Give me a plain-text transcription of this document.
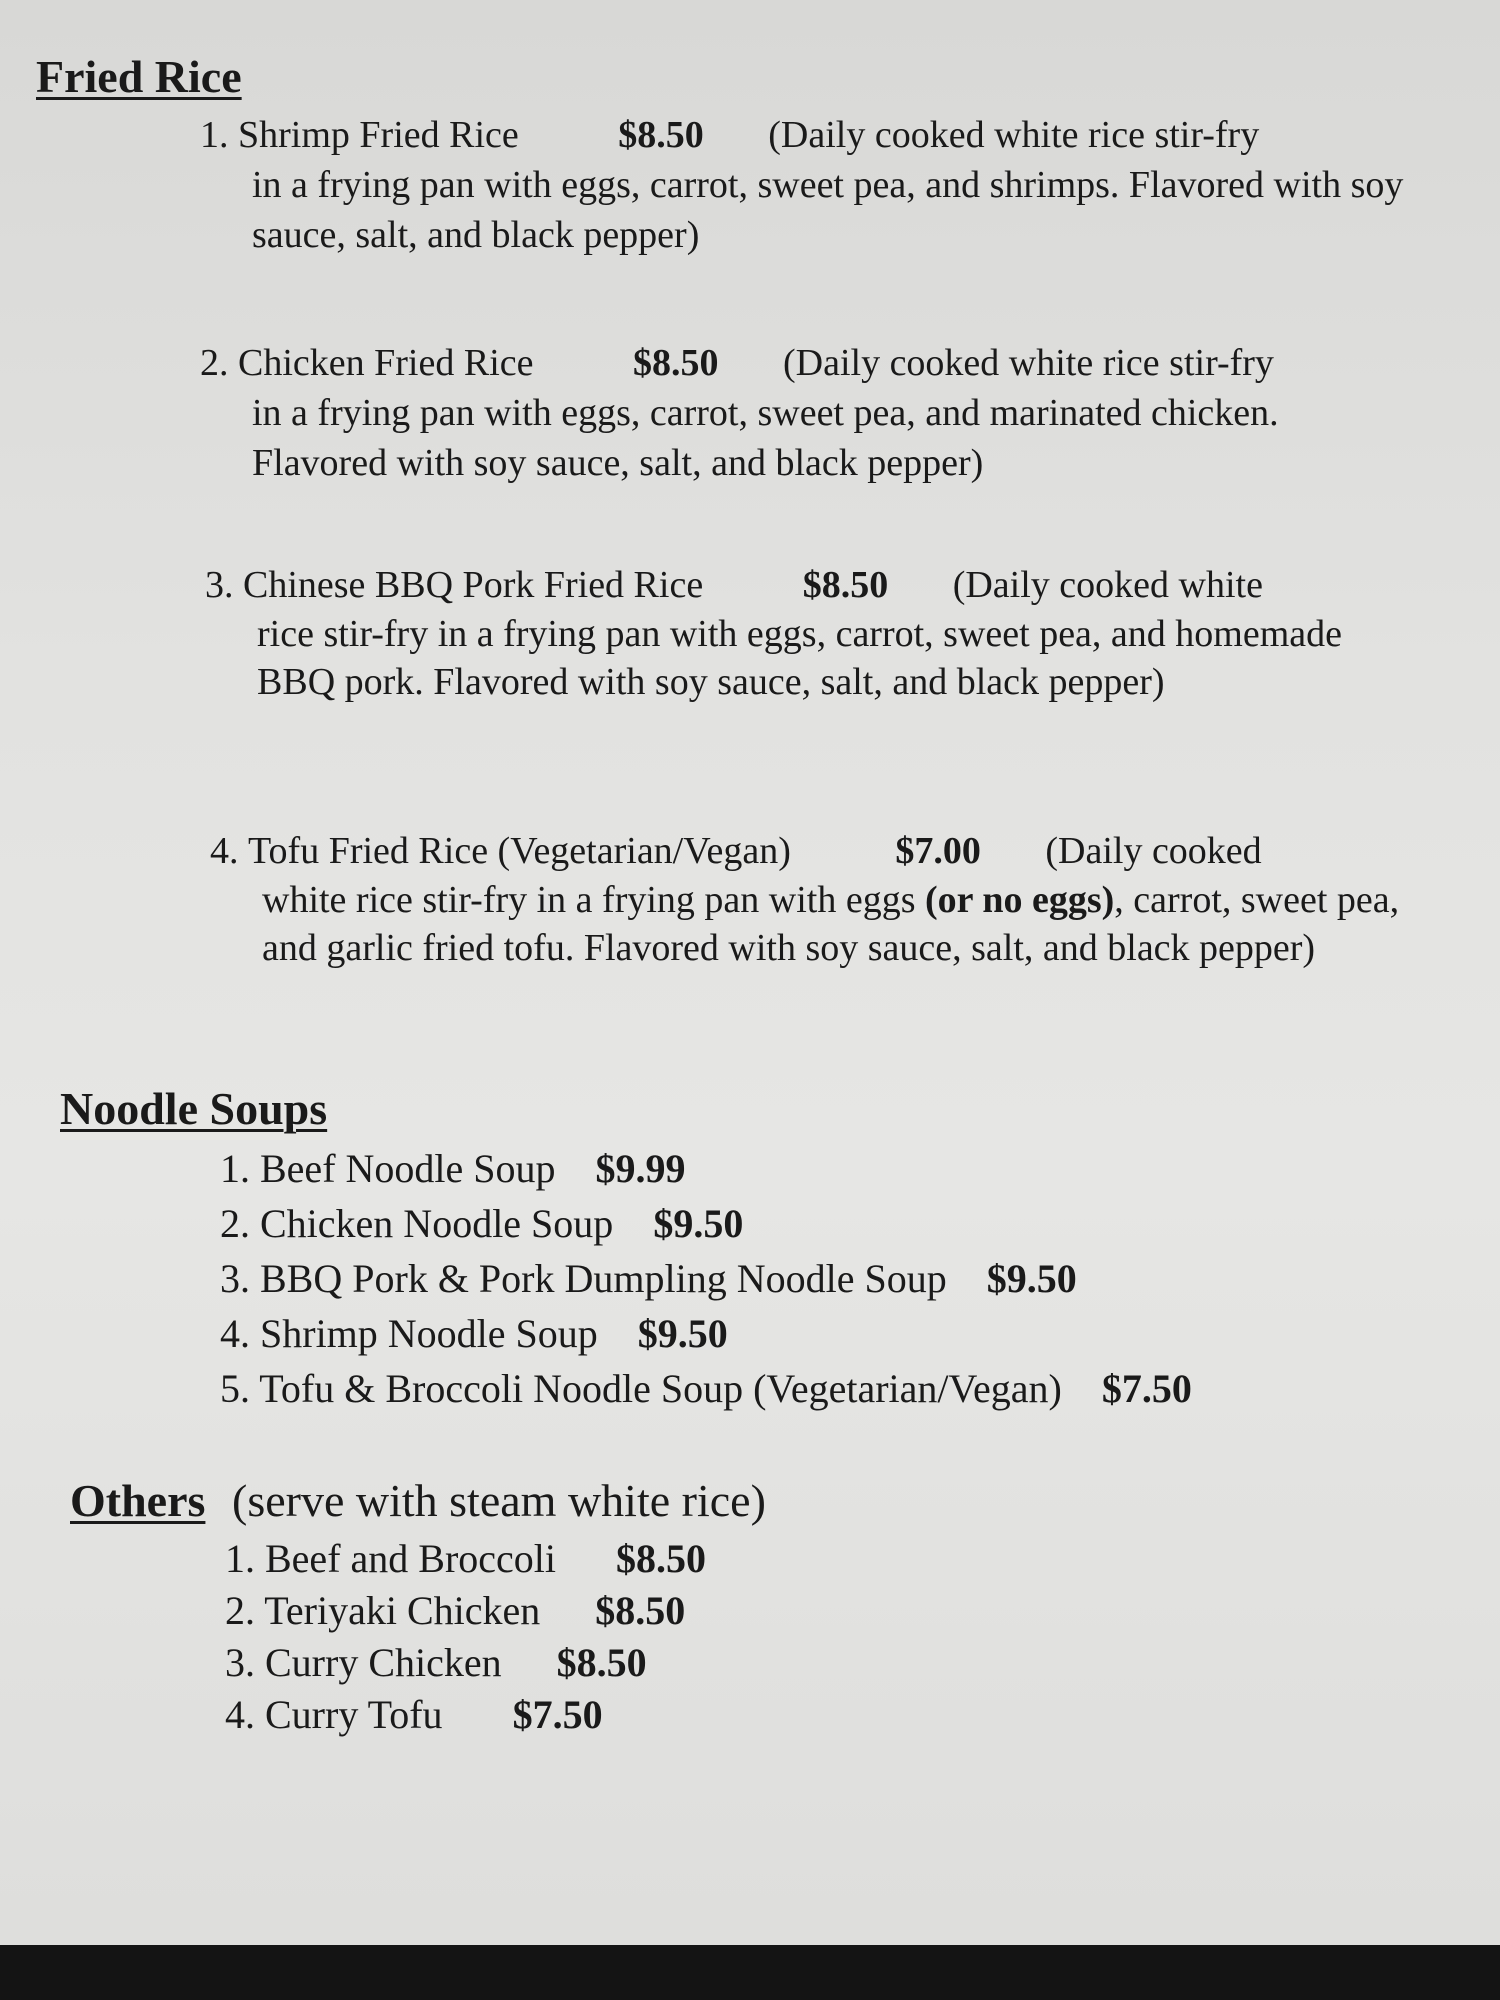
Fried Rice
1. Shrimp Fried Rice	$8.50 (Daily cooked white rice stir-fry
in a frying pan with eggs, carrot, sweet pea, and shrimps. Flavored with soy sauce, salt, and black pepper)
2. Chicken Fried Rice	$8.50 (Daily cooked white rice stir-fry
in a frying pan with eggs, carrot, sweet pea, and marinated chicken. Flavored with soy sauce, salt, and black pepper)
3. Chinese BBQ Pork Fried Rice	$8.50 (Daily cooked white
rice stir-fry in a frying pan with eggs, carrot, sweet pea, and homemade BBQ pork. Flavored with soy sauce, salt, and black pepper)
4. Tofu Fried Rice (Vegetarian/Vegan)	$7.00 (Daily cooked
white rice stir-fry in a frying pan with eggs (or no eggs), carrot, sweet pea, and garlic fried tofu. Flavored with soy sauce, salt, and black pepper)
Noodle Soups
1. Beef Noodle Soup $9.99
2. Chicken Noodle Soup $9.50
3. BBQ Pork & Pork Dumpling Noodle Soup $9.50
4. Shrimp Noodle Soup $9.50
5. Tofu & Broccoli Noodle Soup (Vegetarian/Vegan) $7.50
Others (serve with steam white rice)
1. Beef and Broccoli $8.50
2. Teriyaki Chicken $8.50
3. Curry Chicken $8.50
4. Curry Tofu $7.50
